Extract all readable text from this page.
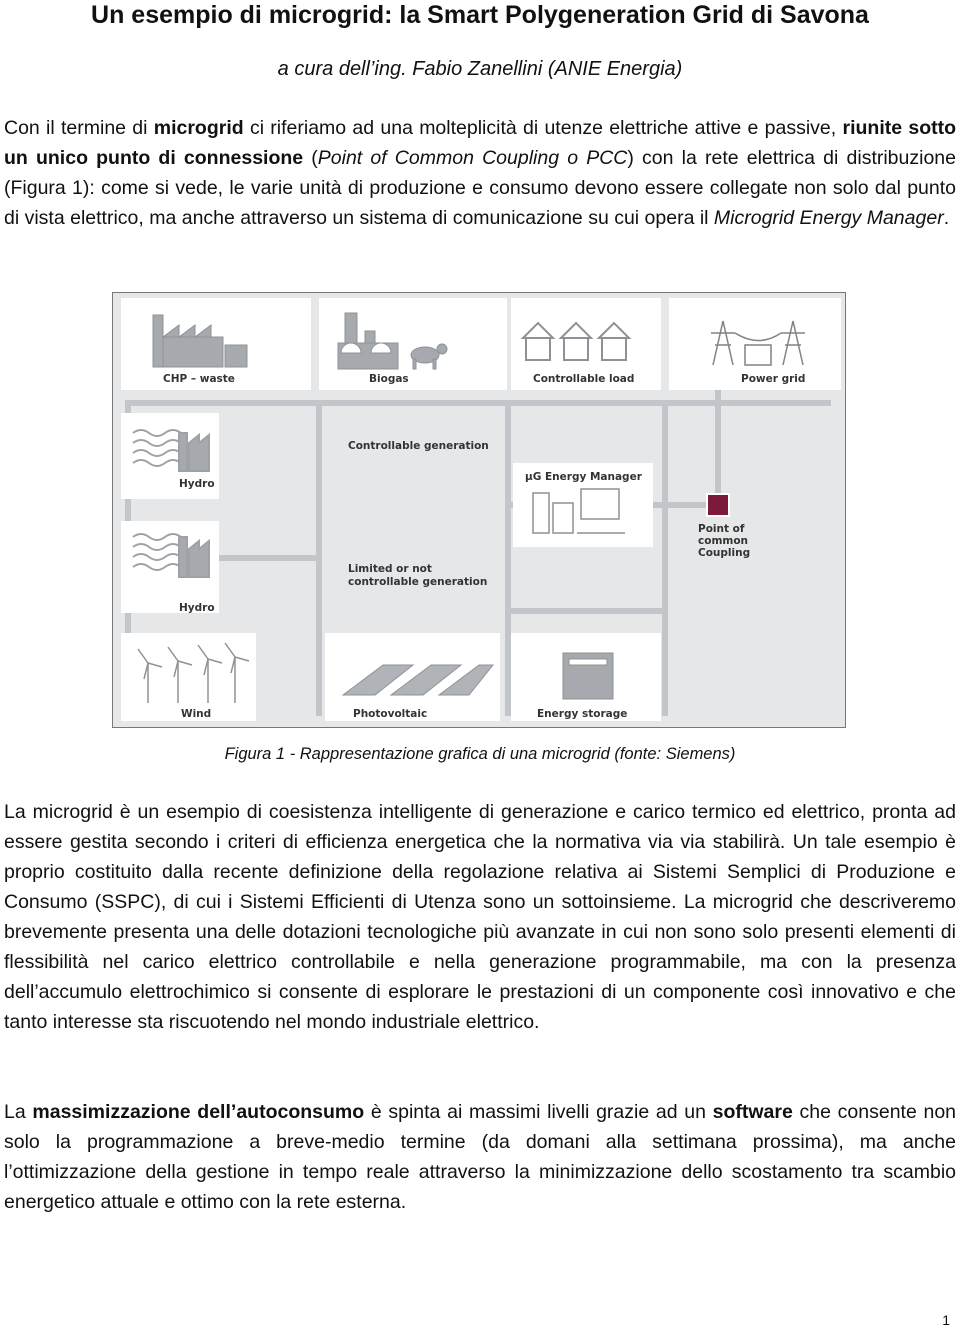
Un esempio di microgrid: la Smart Polygeneration Grid di Savona
a cura dell’ing. Fabio Zanellini (ANIE Energia)

Con il termine di microgrid ci riferiamo ad una molteplicità di utenze elettriche attive e passive, riunite sotto un unico punto di connessione (Point of Common Coupling o PCC) con la rete elettrica di distribuzione (Figura 1): come si vede, le varie unità di produzione e consumo devono essere collegate non solo dal punto di vista elettrico, ma anche attraverso un sistema di comunicazione su cui opera il Microgrid Energy Manager.

CHP – waste	Biogas	Controllable load	Power grid
Hydro
Controllable generation
µG Energy Manager
Point of
common
Coupling
Limited or not
controllable generation
Hydro
Wind	Photovoltaic	Energy storage
Figura 1 - Rappresentazione grafica di una microgrid (fonte: Siemens)

La microgrid è un esempio di coesistenza intelligente di generazione e carico termico ed elettrico, pronta ad essere gestita secondo i criteri di efficienza energetica che la normativa via via stabilirà. Un tale esempio è proprio costituito dalla recente definizione della regolazione relativa ai Sistemi Semplici di Produzione e Consumo (SSPC), di cui i Sistemi Efficienti di Utenza sono un sottoinsieme. La microgrid che descriveremo brevemente presenta una delle dotazioni tecnologiche più avanzate in cui non sono solo presenti elementi di flessibilità nel carico elettrico controllabile e nella generazione programmabile, ma con la presenza dell’accumulo elettrochimico si consente di esplorare le prestazioni di un componente così innovativo e che tanto interesse sta riscuotendo nel mondo industriale elettrico.

La massimizzazione dell’autoconsumo è spinta ai massimi livelli grazie ad un software che consente non solo la programmazione a breve-medio termine (da domani alla settimana prossima), ma anche l’ottimizzazione della gestione in tempo reale attraverso la minimizzazione dello scostamento tra scambio energetico attuale e ottimo con la rete esterna.

1
